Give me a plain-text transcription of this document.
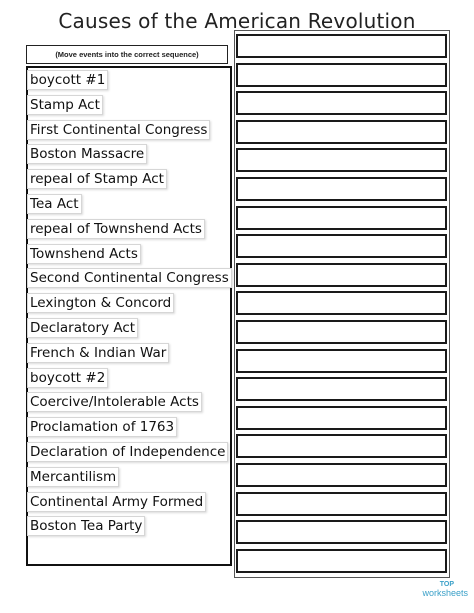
Causes of the American Revolution
(Move events into the correct sequence)
boycott #1
Stamp Act
First Continental Congress
Boston Massacre
repeal of Stamp Act
Tea Act
repeal of Townshend Acts
Townshend Acts
Second Continental Congress
Lexington & Concord
Declaratory Act
French & Indian War
boycott #2
Coercive/Intolerable Acts
Proclamation of 1763
Declaration of Independence
Mercantilism
Continental Army Formed
Boston Tea Party
TOP
worksheets
